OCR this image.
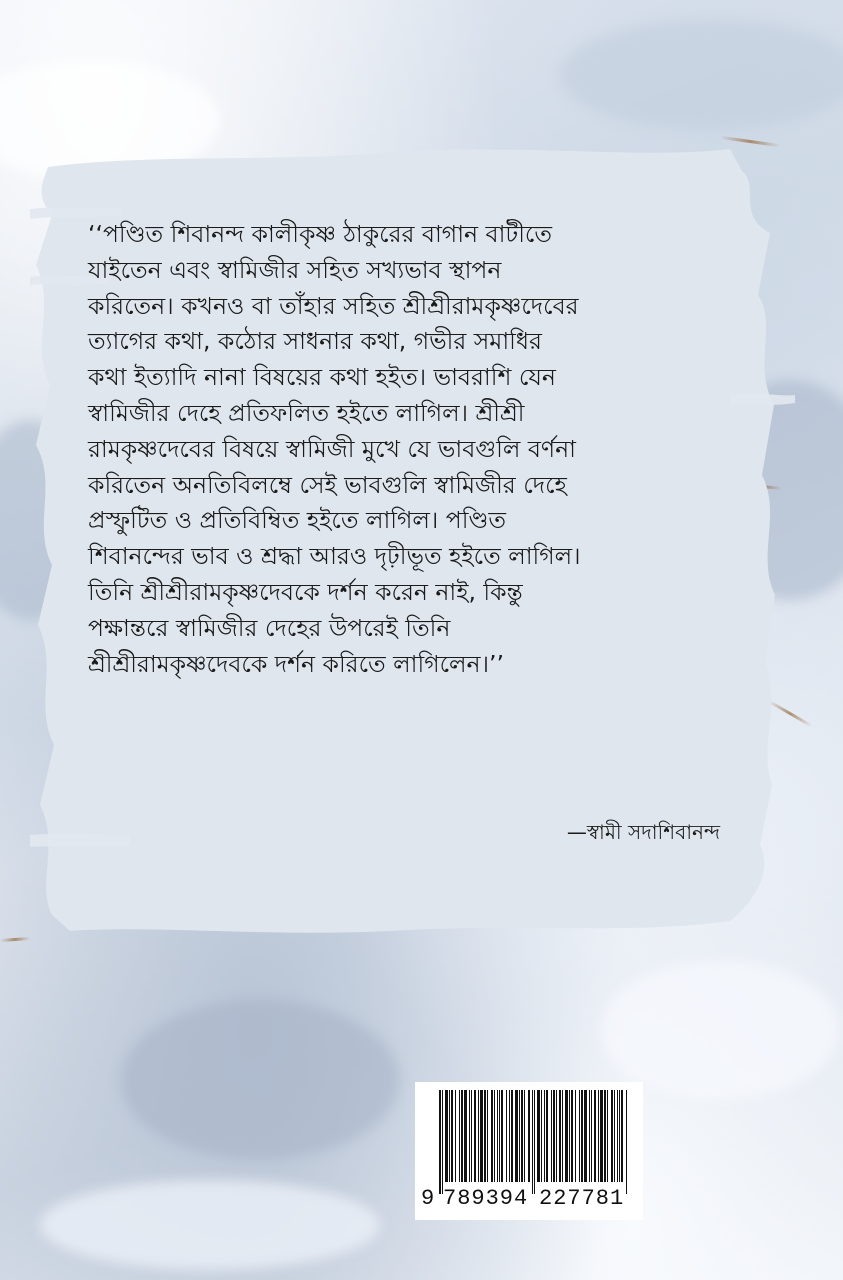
‘‘পণ্ডিত শিবানন্দ কালীকৃষ্ণ ঠাকুরের বাগান বাটীতে
যাইতেন এবং স্বামিজীর সহিত সখ্যভাব স্থাপন
করিতেন। কখনও বা তাঁহার সহিত শ্রীশ্রীরামকৃষ্ণদেবের
ত্যাগের কথা, কঠোর সাধনার কথা, গভীর সমাধির
কথা ইত্যাদি নানা বিষয়ের কথা হইত। ভাবরাশি যেন
স্বামিজীর দেহে প্রতিফলিত হইতে লাগিল। শ্রীশ্রী
রামকৃষ্ণদেবের বিষয়ে স্বামিজী মুখে যে ভাবগুলি বর্ণনা
করিতেন অনতিবিলম্বে সেই ভাবগুলি স্বামিজীর দেহে
প্রস্ফুটিত ও প্রতিবিম্বিত হইতে লাগিল। পণ্ডিত
শিবানন্দের ভাব ও শ্রদ্ধা আরও দৃঢ়ীভূত হইতে লাগিল।
তিনি শ্রীশ্রীরামকৃষ্ণদেবকে দর্শন করেন নাই, কিন্তু
পক্ষান্তরে স্বামিজীর দেহের উপরেই তিনি
শ্রীশ্রীরামকৃষ্ণদেবকে দর্শন করিতে লাগিলেন।’’

—স্বামী সদাশিবানন্দ
9 789394 227781
